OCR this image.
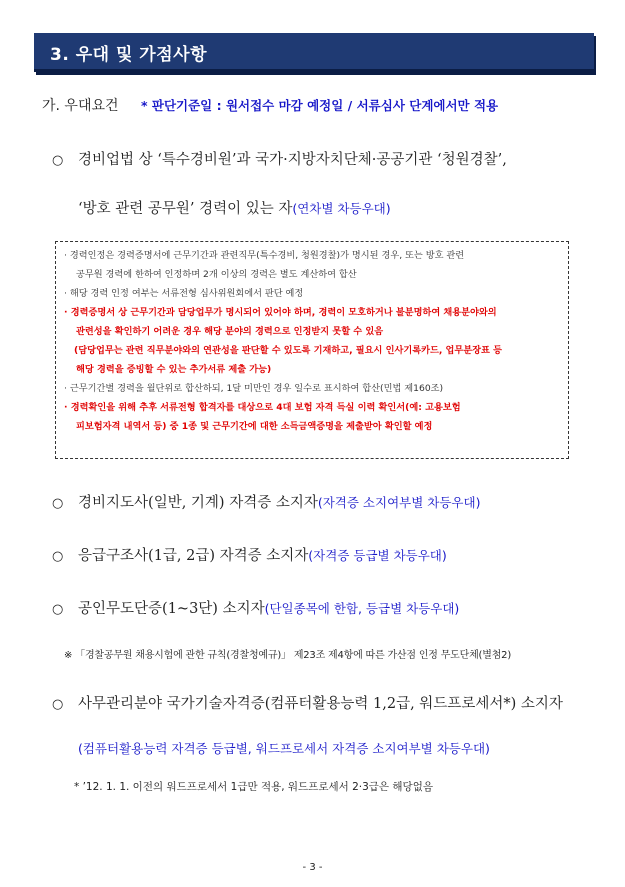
3. 우대 및 가점사항
가. 우대요건 * 판단기준일 : 원서접수 마감 예정일 / 서류심사 단계에서만 적용
○ 경비업법 상 ‘특수경비원’과 국가·지방자치단체·공공기관 ‘청원경찰’,
‘방호 관련 공무원’ 경력이 있는 자(연차별 차등우대)
· 경력인정은 경력증명서에 근무기간과 관련직무(특수경비, 청원경찰)가 명시된 경우, 또는 방호 관련
공무원 경력에 한하여 인정하며 2개 이상의 경력은 별도 계산하여 합산
· 해당 경력 인정 여부는 서류전형 심사위원회에서 판단 예정
· 경력증명서 상 근무기간과 담당업무가 명시되어 있어야 하며, 경력이 모호하거나 불분명하여 채용분야와의
관련성을 확인하기 어려운 경우 해당 분야의 경력으로 인정받지 못할 수 있음
(담당업무는 관련 직무분야와의 연관성을 판단할 수 있도록 기재하고, 필요시 인사기록카드, 업무분장표 등
해당 경력을 증빙할 수 있는 추가서류 제출 가능)
· 근무기간별 경력을 월단위로 합산하되, 1달 미만인 경우 일수로 표시하여 합산(민법 제160조)
· 경력확인을 위해 추후 서류전형 합격자를 대상으로 4대 보험 자격 득실 이력 확인서(예: 고용보험
피보험자격 내역서 등) 중 1종 및 근무기간에 대한 소득금액증명을 제출받아 확인할 예정
○ 경비지도사(일반, 기계) 자격증 소지자(자격증 소지여부별 차등우대)
○ 응급구조사(1급, 2급) 자격증 소지자(자격증 등급별 차등우대)
○ 공인무도단증(1~3단) 소지자(단일종목에 한함, 등급별 차등우대)
※ 「경찰공무원 채용시험에 관한 규칙(경찰청예규)」 제23조 제4항에 따른 가산점 인정 무도단체(별첨2)
○ 사무관리분야 국가기술자격증(컴퓨터활용능력 1,2급, 워드프로세서*) 소지자
(컴퓨터활용능력 자격증 등급별, 워드프로세서 자격증 소지여부별 차등우대)
* ’12. 1. 1. 이전의 워드프로세서 1급만 적용, 워드프로세서 2·3급은 해당없음
- 3 -
